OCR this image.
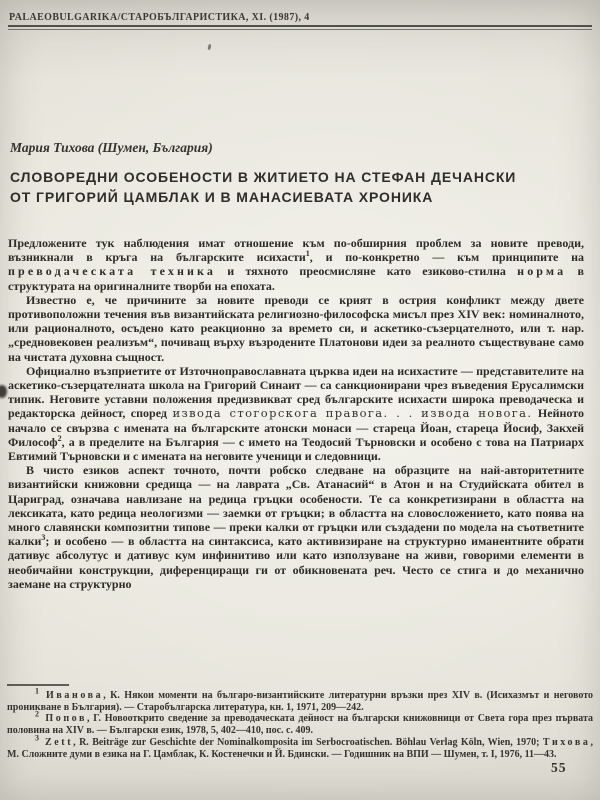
PALAEOBULGARIKA/СТАРОБЪЛГАРИСТИКА, XI. (1987), 4
Мария Тихова (Шумен, България)
СЛОВОРЕДНИ ОСОБЕНОСТИ В ЖИТИЕТО НА СТЕФАН ДЕЧАНСКИ
ОТ ГРИГОРИЙ ЦАМБЛАК И В МАНАСИЕВАТА ХРОНИКА

Предложените тук наблюдения имат отношение към по-обширния проблем за новите преводи, възникнали в кръга на българските исихасти$^1$, и по-конкретно — към принципите на преводаческата техника и тяхното преосмисляне като езиково-стилна норма в структурата на оригиналните творби на епохата.

Известно е, че причините за новите преводи се крият в острия конфликт между двете противоположни течения във византийската религиозно-философска мисъл през XIV век: номиналното, или рационалното, осъдено като реакционно за времето си, и аскетико-съзерцателното, или т. нар. „средновековен реализъм“, почиващ върху възродените Платонови идеи за реалното съществуване само на чистата духовна същност.

Официално възприетите от Източноправославната църква идеи на исихастите — представителите на аскетико-съзерцателната школа на Григорий Синаит — са санкционирани чрез въведения Ерусалимски типик. Неговите уставни положения предизвикват сред българските исихасти широка преводаческа и редакторска дейност, според извода стогорскога правога. . . извода новога. Нейното начало се свързва с имената на българските атонски монаси — стареца Йоан, стареца Йосиф, Закхей Философ$^2$, а в пределите на България — с името на Теодосий Търновски и особено с това на Патриарх Евтимий Търновски и с имената на неговите ученици и следовници.

В чисто езиков аспект точното, почти робско следване на образците на най-авторитетните византийски книжовни средища — на лаврата „Св. Атанасий“ в Атон и на Студийската обител в Цариград, означава навлизане на редица гръцки особености. Те са конкретизирани в областта на лексиката, като редица неологизми — заемки от гръцки; в областта на словосложението, като поява на много славянски композитни типове — преки калки от гръцки или създадени по модела на съответните калки$^3$; и особено — в областта на синтаксиса, като активизиране на структурно иманентните обрати дативус абсолутус и дативус кум инфинитиво или като използуване на живи, говорими елементи в необичайни конструкции, диференциращи ги от обикновената реч. Често се стига и до механично заемане на структурно

$^1$ Иванова, К. Някои моменти на българо-византийските литературни връзки през XIV в. (Исихазмът и неговото проникване в България). — Старобългарска литература, кн. 1, 1971, 209—242.

$^2$ Попов, Г. Новооткрито сведение за преводаческата дейност на български книжовници от Света гора през първата половина на XIV в. — Български език, 1978, 5, 402—410, пос. с. 409.

$^3$ Zett, R. Beiträge zur Geschichte der Nominalkomposita im Serbocroatischen. Böhlau Verlag Köln, Wien, 1970; Тихова, М. Сложните думи в езика на Г. Цамблак, К. Костенечки и Й. Бдински. — Годишник на ВПИ — Шумен, т. I, 1976, 11—43.

55
